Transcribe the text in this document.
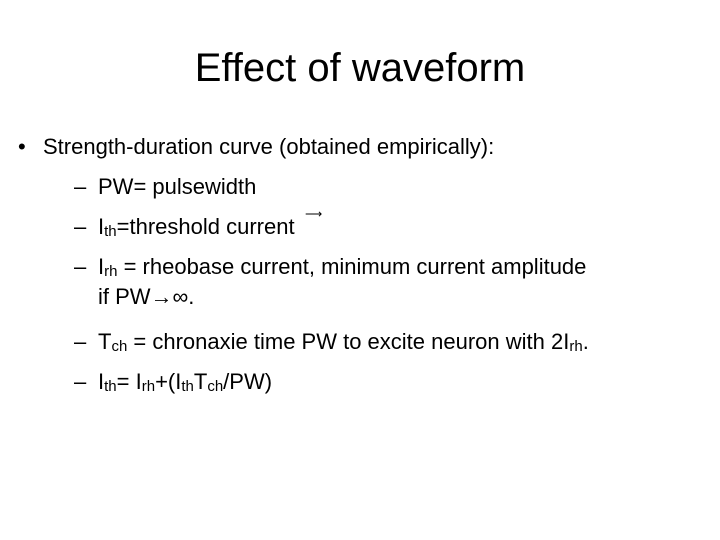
Effect of waveform
• Strength-duration curve (obtained empirically):
– PW= pulsewidth
– Ith=threshold current
– Irh = rheobase current, minimum current amplitude
if PW→∞.
– Tch = chronaxie time PW to excite neuron with 2Irh.
– Ith= Irh+(IthTch/PW)
⟶
